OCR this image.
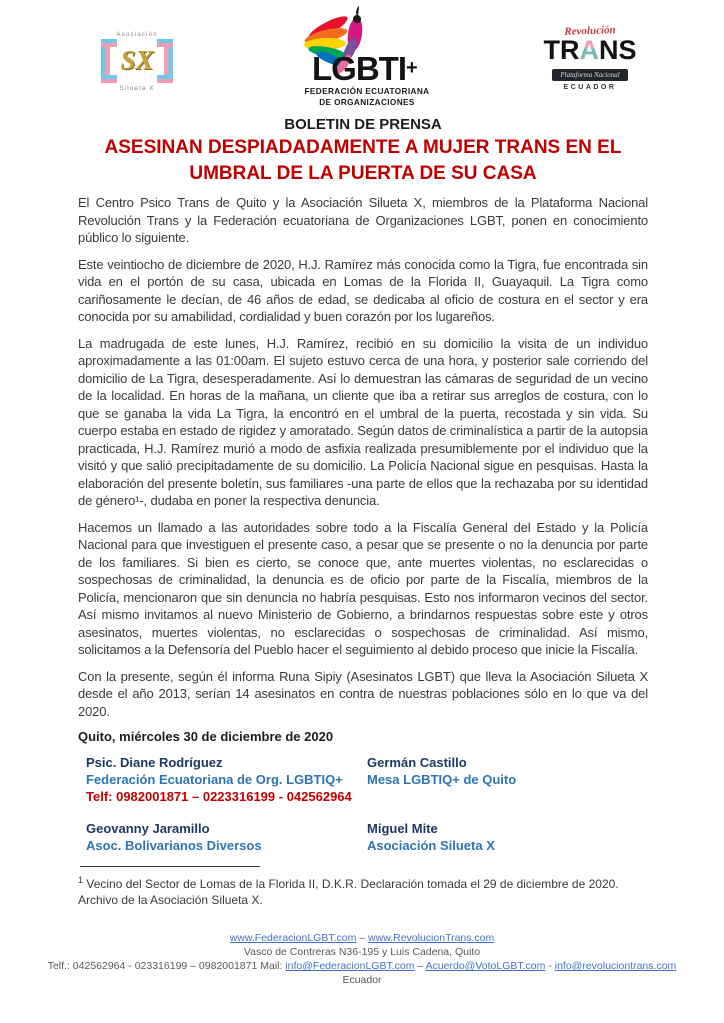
Asociación
SX
Silueta X
LGBTI+
FEDERACIÓN ECUATORIANA
DE ORGANIZACIONES
Revolución
TRANS
Plataforma Nacional
ECUADOR
BOLETIN DE PRENSA
ASESINAN DESPIADADAMENTE A MUJER TRANS EN EL UMBRAL DE LA PUERTA DE SU CASA

El Centro Psico Trans de Quito y la Asociación Silueta X, miembros de la Plataforma Nacional Revolución Trans y la Federación ecuatoriana de Organizaciones LGBT, ponen en conocimiento público lo siguiente.

Este veintiocho de diciembre de 2020, H.J. Ramírez más conocida como la Tigra, fue encontrada sin vida en el portón de su casa, ubicada en Lomas de la Florida II, Guayaquil. La Tigra como cariñosamente le decían, de 46 años de edad, se dedicaba al oficio de costura en el sector y era conocida por su amabilidad, cordialidad y buen corazón por los lugareños.

La madrugada de este lunes, H.J. Ramírez, recibió en su domicilio la visita de un individuo aproximadamente a las 01:00am. El sujeto estuvo cerca de una hora, y posterior sale corriendo del domicilio de La Tigra, desesperadamente. Así lo demuestran las cámaras de seguridad de un vecino de la localidad. En horas de la mañana, un cliente que iba a retirar sus arreglos de costura, con lo que se ganaba la vida La Tigra, la encontró en el umbral de la puerta, recostada y sin vida. Su cuerpo estaba en estado de rigidez y amoratado. Según datos de criminalística a partir de la autopsia practicada, H.J. Ramírez murió a modo de asfixia realizada presumiblemente por el individuo que la visitó y que salió precipitadamente de su domicilio. La Policía Nacional sigue en pesquisas. Hasta la elaboración del presente boletín, sus familiares -una parte de ellos que la rechazaba por su identidad de género¹-, dudaba en poner la respectiva denuncia.

Hacemos un llamado a las autoridades sobre todo a la Fiscalía General del Estado y la Policía Nacional para que investiguen el presente caso, a pesar que se presente o no la denuncia por parte de los familiares. Si bien es cierto, se conoce que, ante muertes violentas, no esclarecidas o sospechosas de criminalidad, la denuncia es de oficio por parte de la Fiscalía, miembros de la Policía, mencionaron que sin denuncia no habría pesquisas. Esto nos informaron vecinos del sector. Así mismo invitamos al nuevo Ministerio de Gobierno, a brindarnos respuestas sobre este y otros asesinatos, muertes violentas, no esclarecidas o sospechosas de criminalidad. Así mismo, solicitamos a la Defensoría del Pueblo hacer el seguimiento al debido proceso que inicie la Fiscalía.

Con la presente, según él informa Runa Sipiy (Asesinatos LGBT) que lleva la Asociación Silueta X desde el año 2013, serían 14 asesinatos en contra de nuestras poblaciones sólo en lo que va del 2020.

Quito, miércoles 30 de diciembre de 2020
Psic. Diane Rodríguez
Federación Ecuatoriana de Org. LGBTIQ+
Telf: 0982001871 – 0223316199 - 042562964
Germán Castillo
Mesa LGBTIQ+ de Quito
Geovanny Jaramillo
Asoc. Bolivarianos Diversos
Miguel Mite
Asociación Silueta X
$^1$ Vecino del Sector de Lomas de la Florida II, D.K.R. Declaración tomada el 29 de diciembre de 2020. Archivo de la Asociación Silueta X.
www.FederacionLGBT.com – www.RevolucionTrans.com
Vasco de Contreras N36-195 y Luis Cadena, Quito
Telf.: 042562964 - 023316199 – 0982001871 Mail: info@FederacionLGBT.com – Acuerdo@VotoLGBT.com - info@revoluciontrans.com
Ecuador
